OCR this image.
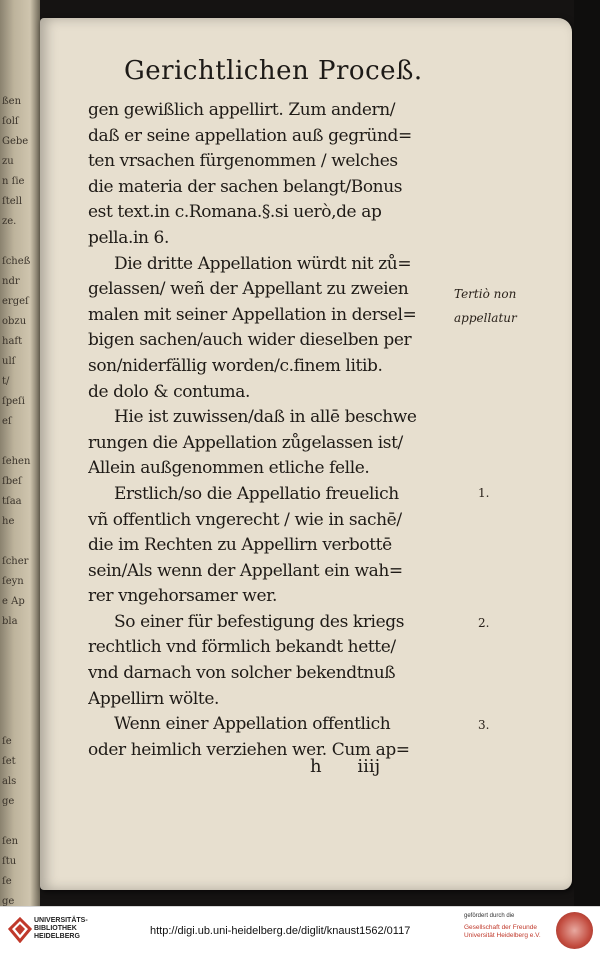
ßen
ſolſ
Gebe
zu
n ſie
ſtell
ze.
ſcheß
ndr
ergeſ
obzu
haft
ulſ
t/
ſpeſi
eſ
ſehen
ſbeſ
tſaa
he
ſcher
ſeyn
e Ap
bla
ſe
ſet
als
ge
ſen
ſtu
ſe
ge
Gerichtlichen Proceß.
gen gewißlich appellirt. Zum andern/
daß er seine appellation auß gegründ=
ten vrsachen fürgenommen / welches
die materia der sachen belangt/Bonus
est text.in c.Romana.§.si uerò,de ap
pella.in 6.
Die dritte Appellation würdt nit zů=
gelassen/ weñ der Appellant zu zweien
malen mit seiner Appellation in dersel=
bigen sachen/auch wider dieselben per
son/niderfällig worden/c.finem litib.
de dolo & contuma.
Hie ist zuwissen/daß in allē beschwe
rungen die Appellation zůgelassen ist/
Allein außgenommen etliche felle.
Erstlich/so die Appellatio freuelich
vñ offentlich vngerecht / wie in sachē/
die im Rechten zu Appellirn verbottē
sein/Als wenn der Appellant ein wah=
rer vngehorsamer wer.
So einer für befestigung des kriegs
rechtlich vnd förmlich bekandt hette/
vnd darnach von solcher bekendtnuß
Appellirn wölte.
Wenn einer Appellation offentlich
oder heimlich verziehen wer. Cum ap=
Tertiò non
appellatur
1.
2.
3.
h iiij
UNIVERSITÄTS-
BIBLIOTHEK
HEIDELBERG	http://digi.ub.uni-heidelberg.de/diglit/knaust1562/0117
gefördert durch die
Gesellschaft der Freunde
Universität Heidelberg e.V.
